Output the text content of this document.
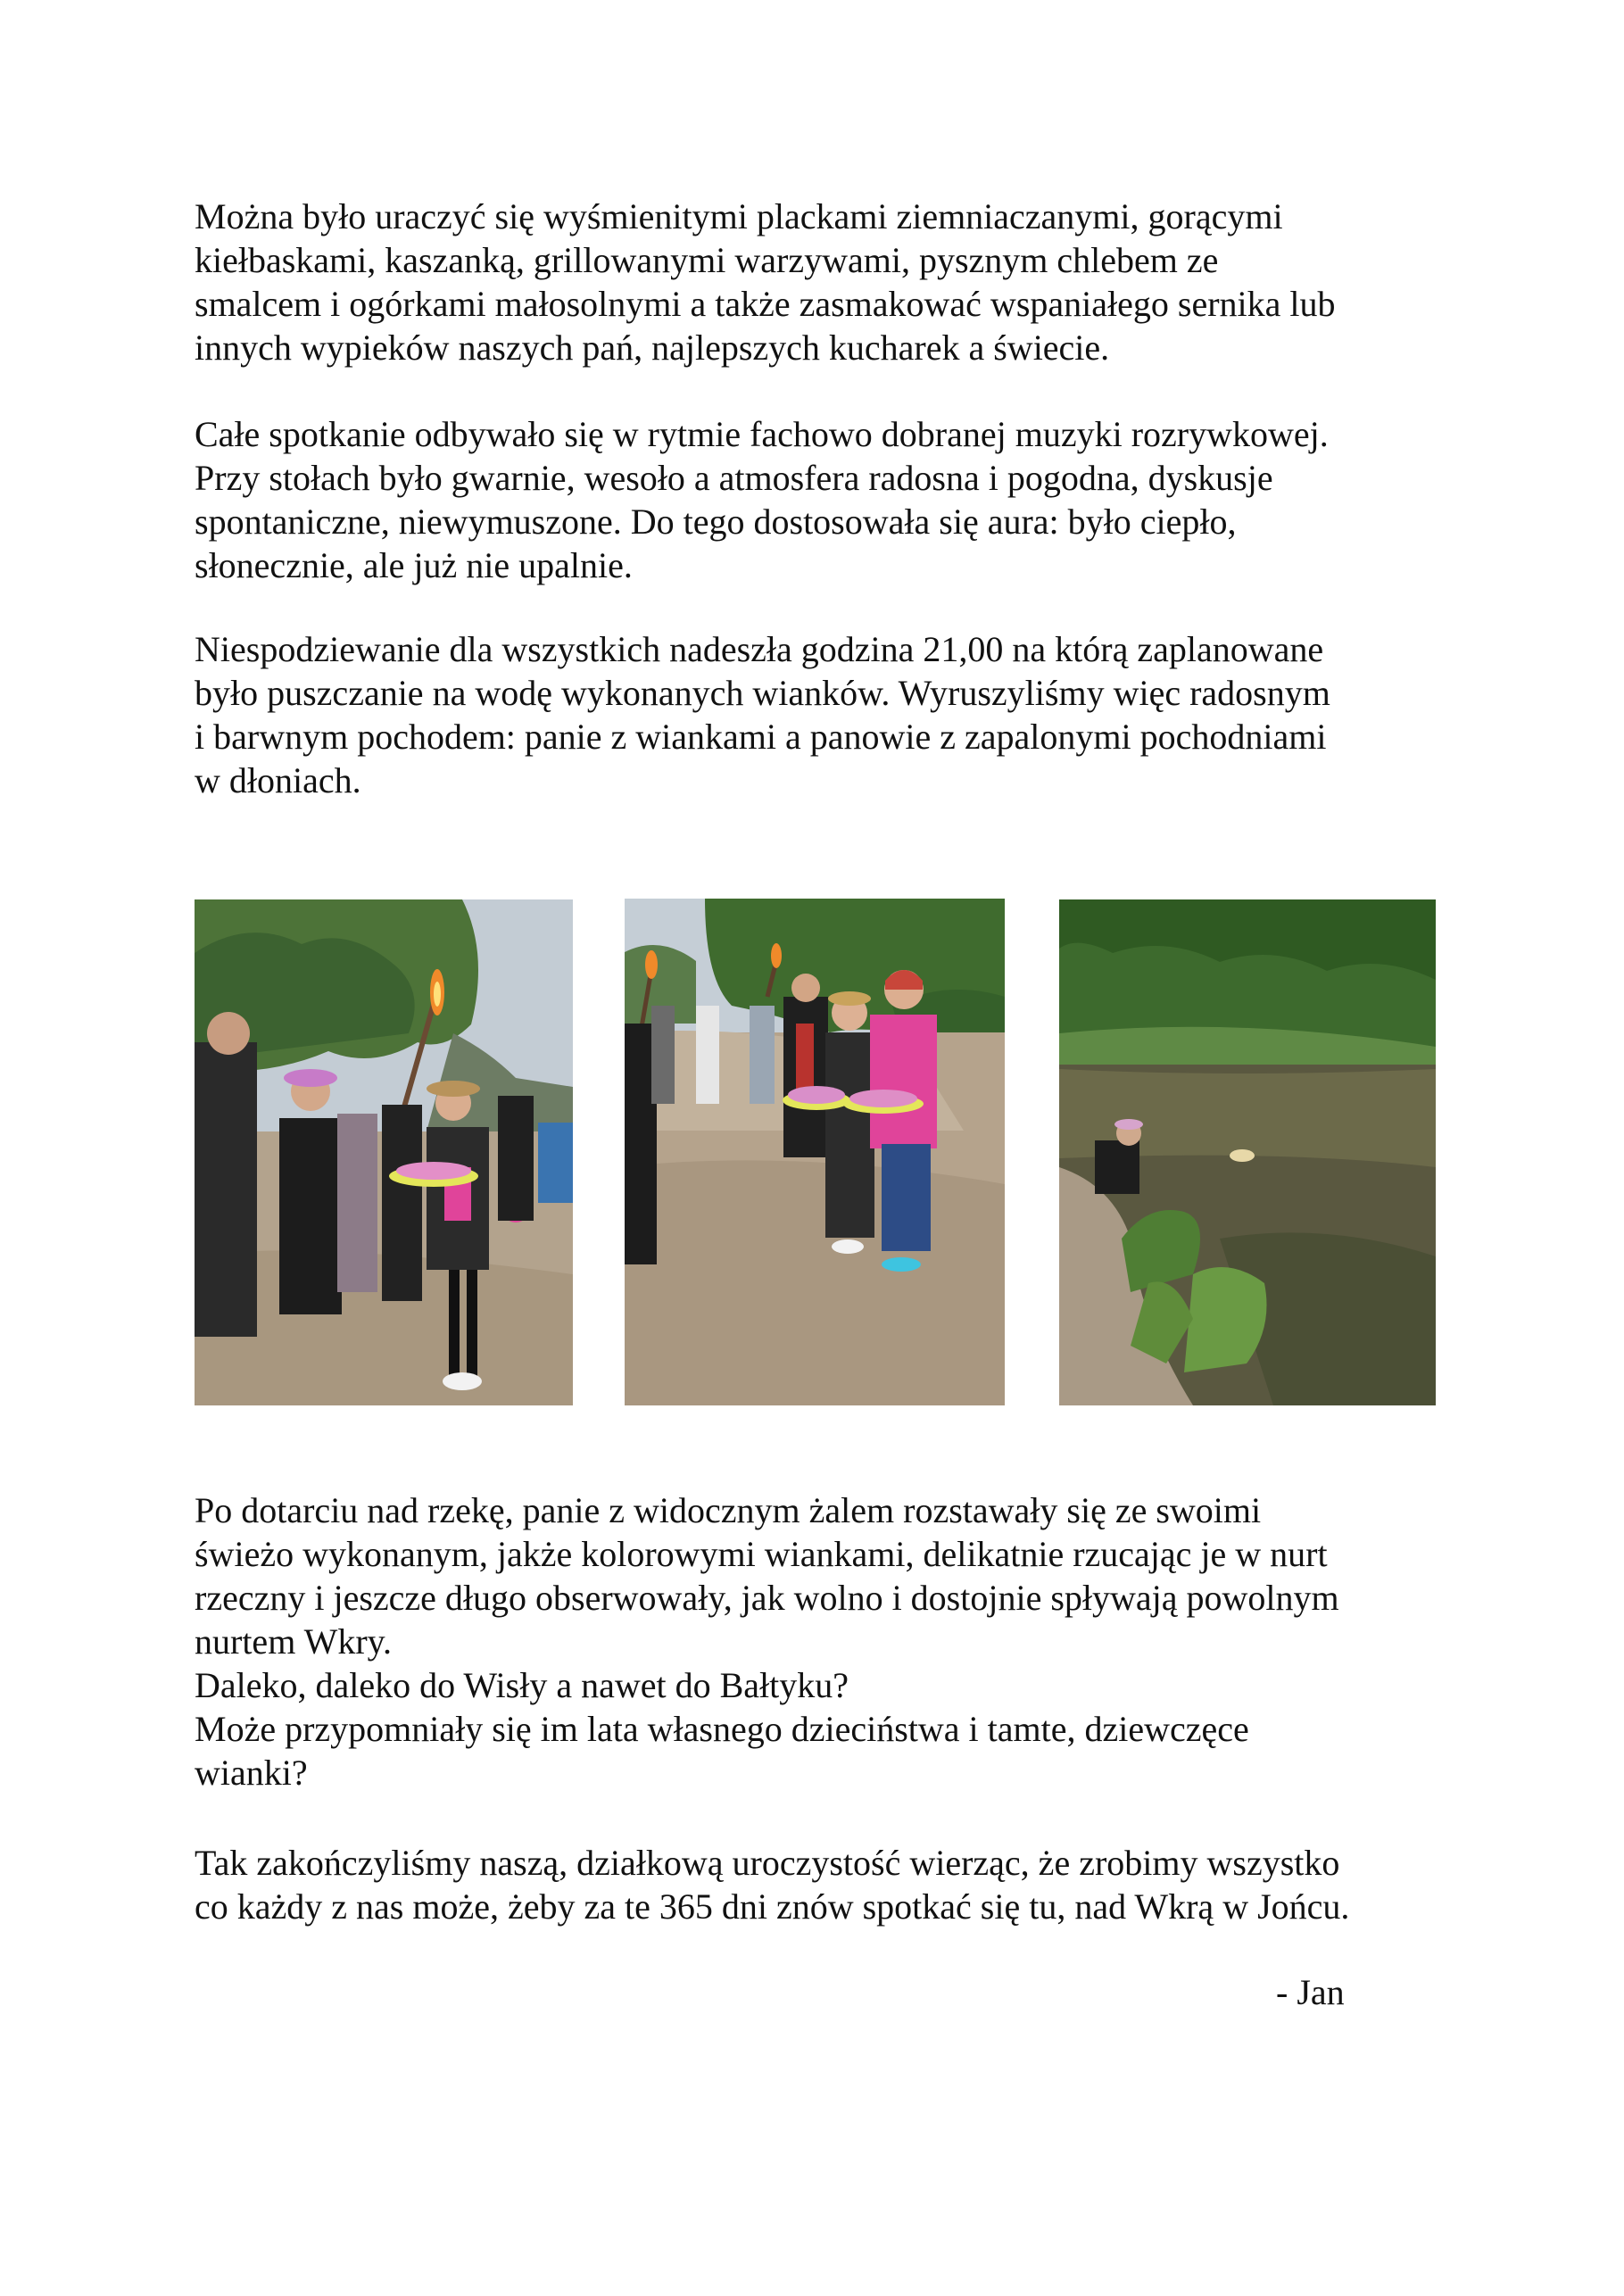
Można było uraczyć się wyśmienitymi plackami ziemniaczanymi, gorącymi
kiełbaskami, kaszanką, grillowanymi warzywami, pysznym chlebem ze
smalcem i ogórkami małosolnymi a także zasmakować wspaniałego sernika lub
innych wypieków naszych pań, najlepszych kucharek a świecie.
Całe spotkanie odbywało się w rytmie fachowo dobranej muzyki rozrywkowej.
Przy stołach było gwarnie, wesoło a atmosfera radosna i pogodna, dyskusje
spontaniczne, niewymuszone. Do tego dostosowała się aura: było ciepło,
słonecznie, ale już nie upalnie.
Niespodziewanie dla wszystkich nadeszła godzina 21,00 na którą zaplanowane
było puszczanie na wodę wykonanych wianków. Wyruszyliśmy więc radosnym
i barwnym pochodem: panie z wiankami a panowie z zapalonymi pochodniami
w dłoniach.
Po dotarciu nad rzekę, panie z widocznym żalem rozstawały się ze swoimi
świeżo wykonanym, jakże kolorowymi wiankami, delikatnie rzucając je w nurt
rzeczny i jeszcze długo obserwowały, jak wolno i dostojnie spływają powolnym
nurtem Wkry.
Daleko, daleko do Wisły a nawet do Bałtyku?
Może przypomniały się im lata własnego dzieciństwa i tamte, dziewczęce
wianki?
Tak zakończyliśmy naszą, działkową uroczystość wierząc, że zrobimy wszystko
co każdy z nas może, żeby za te 365 dni znów spotkać się tu, nad Wkrą w Jońcu.
- Jan
